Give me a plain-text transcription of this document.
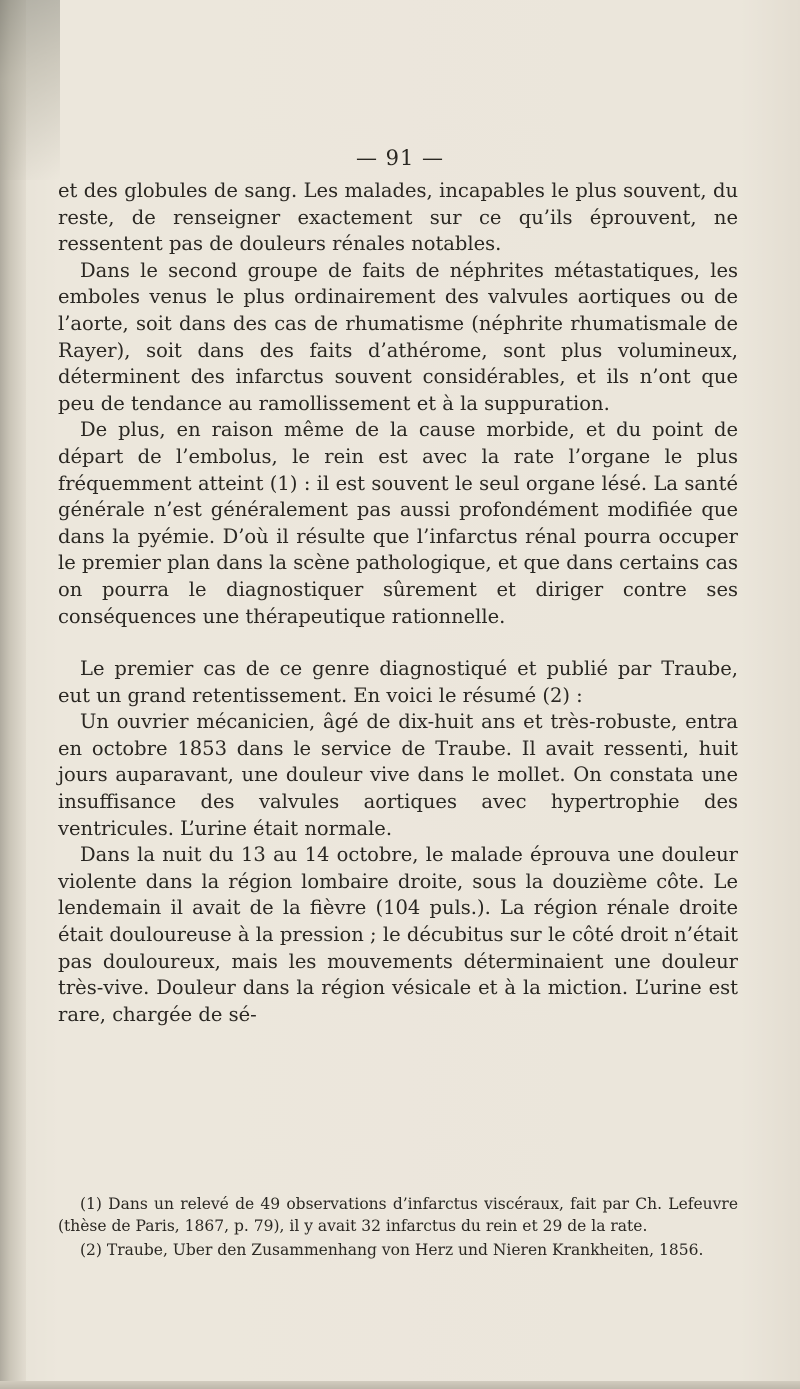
— 91 —

et des globules de sang. Les malades, incapables le plus souvent, du reste, de renseigner exactement sur ce qu’ils éprouvent, ne ressentent pas de douleurs rénales notables.

Dans le second groupe de faits de néphrites métastatiques, les emboles venus le plus ordinairement des valvules aortiques ou de l’aorte, soit dans des cas de rhumatisme (néphrite rhumatismale de Rayer), soit dans des faits d’athérome, sont plus volumineux, déterminent des infarctus souvent considérables, et ils n’ont que peu de tendance au ramollissement et à la suppuration.

De plus, en raison même de la cause morbide, et du point de départ de l’embolus, le rein est avec la rate l’organe le plus fréquemment atteint (1) : il est souvent le seul organe lésé. La santé générale n’est généralement pas aussi profondément modifiée que dans la pyémie. D’où il résulte que l’infarctus rénal pourra occuper le premier plan dans la scène pathologique, et que dans certains cas on pourra le diagnostiquer sûrement et diriger contre ses conséquences une thérapeutique rationnelle.

Le premier cas de ce genre diagnostiqué et publié par Traube, eut un grand retentissement. En voici le résumé (2) :

Un ouvrier mécanicien, âgé de dix-huit ans et très-robuste, entra en octobre 1853 dans le service de Traube. Il avait ressenti, huit jours auparavant, une douleur vive dans le mollet. On constata une insuffisance des valvules aortiques avec hypertrophie des ventricules. L’urine était normale.

Dans la nuit du 13 au 14 octobre, le malade éprouva une douleur violente dans la région lombaire droite, sous la douzième côte. Le lendemain il avait de la fièvre (104 puls.). La région rénale droite était douloureuse à la pression ; le décubitus sur le côté droit n’était pas douloureux, mais les mouvements déterminaient une douleur très-vive. Douleur dans la région vésicale et à la miction. L’urine est rare, chargée de sé-

(1) Dans un relevé de 49 observations d’infarctus viscéraux, fait par Ch. Lefeuvre (thèse de Paris, 1867, p. 79), il y avait 32 infarctus du rein et 29 de la rate.

(2) Traube, Uber den Zusammenhang von Herz und Nieren Krankheiten, 1856.
